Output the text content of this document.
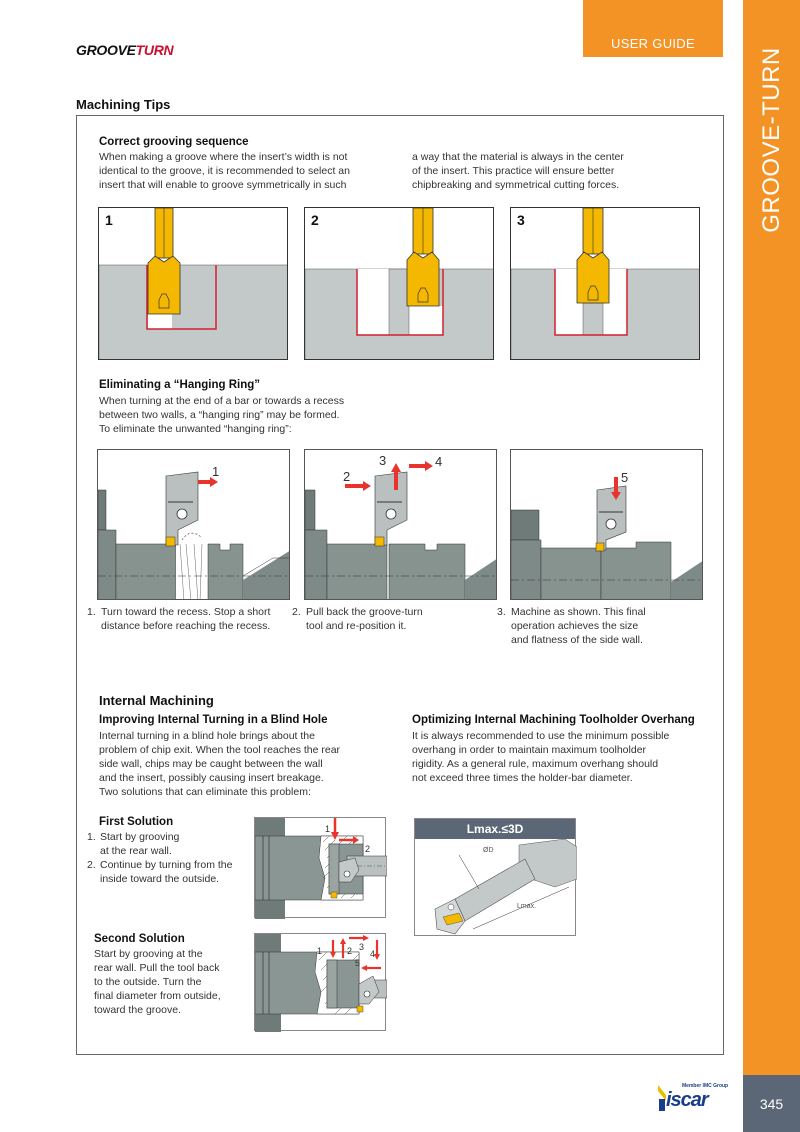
GROOVETURN	USER GUIDE
GROOVE-TURN
345
Machining Tips
Correct grooving sequence
When making a groove where the insert’s width is not
identical to the groove, it is recommended to select an
insert that will enable to groove symmetrically in such
a way that the material is always in the center
of the insert. This practice will ensure better
chipbreaking and symmetrical cutting forces.
1	2	3
Eliminating a “Hanging Ring”
When turning at the end of a bar or towards a recess
between two walls, a “hanging ring” may be formed.
To eliminate the unwanted “hanging ring”:
1	2
3	4
5
1. Turn toward the recess. Stop a short
distance before reaching the recess.
2. Pull back the groove-turn
tool and re-position it.
3. Machine as shown. This final
operation achieves the size
and flatness of the side wall.
Internal Machining
Improving Internal Turning in a Blind Hole
Internal turning in a blind hole brings about the
problem of chip exit. When the tool reaches the rear
side wall, chips may be caught between the wall
and the insert, possibly causing insert breakage.
Two solutions that can eliminate this problem:
Optimizing Internal Machining Toolholder Overhang
It is always recommended to use the minimum possible
overhang in order to maintain maximum toolholder
rigidity. As a general rule, maximum overhang should
not exceed three times the holder-bar diameter.
First Solution
1. Start by grooving
at the rear wall.
2. Continue by turning from the
inside toward the outside.
1
2
Lmax.≤3D
ØD
Lmax.
Second Solution
Start by grooving at the
rear wall. Pull the tool back
to the outside. Turn the
final diameter from outside,
toward the groove.
1	2 3
4
5
Member IMC Group
iscar
